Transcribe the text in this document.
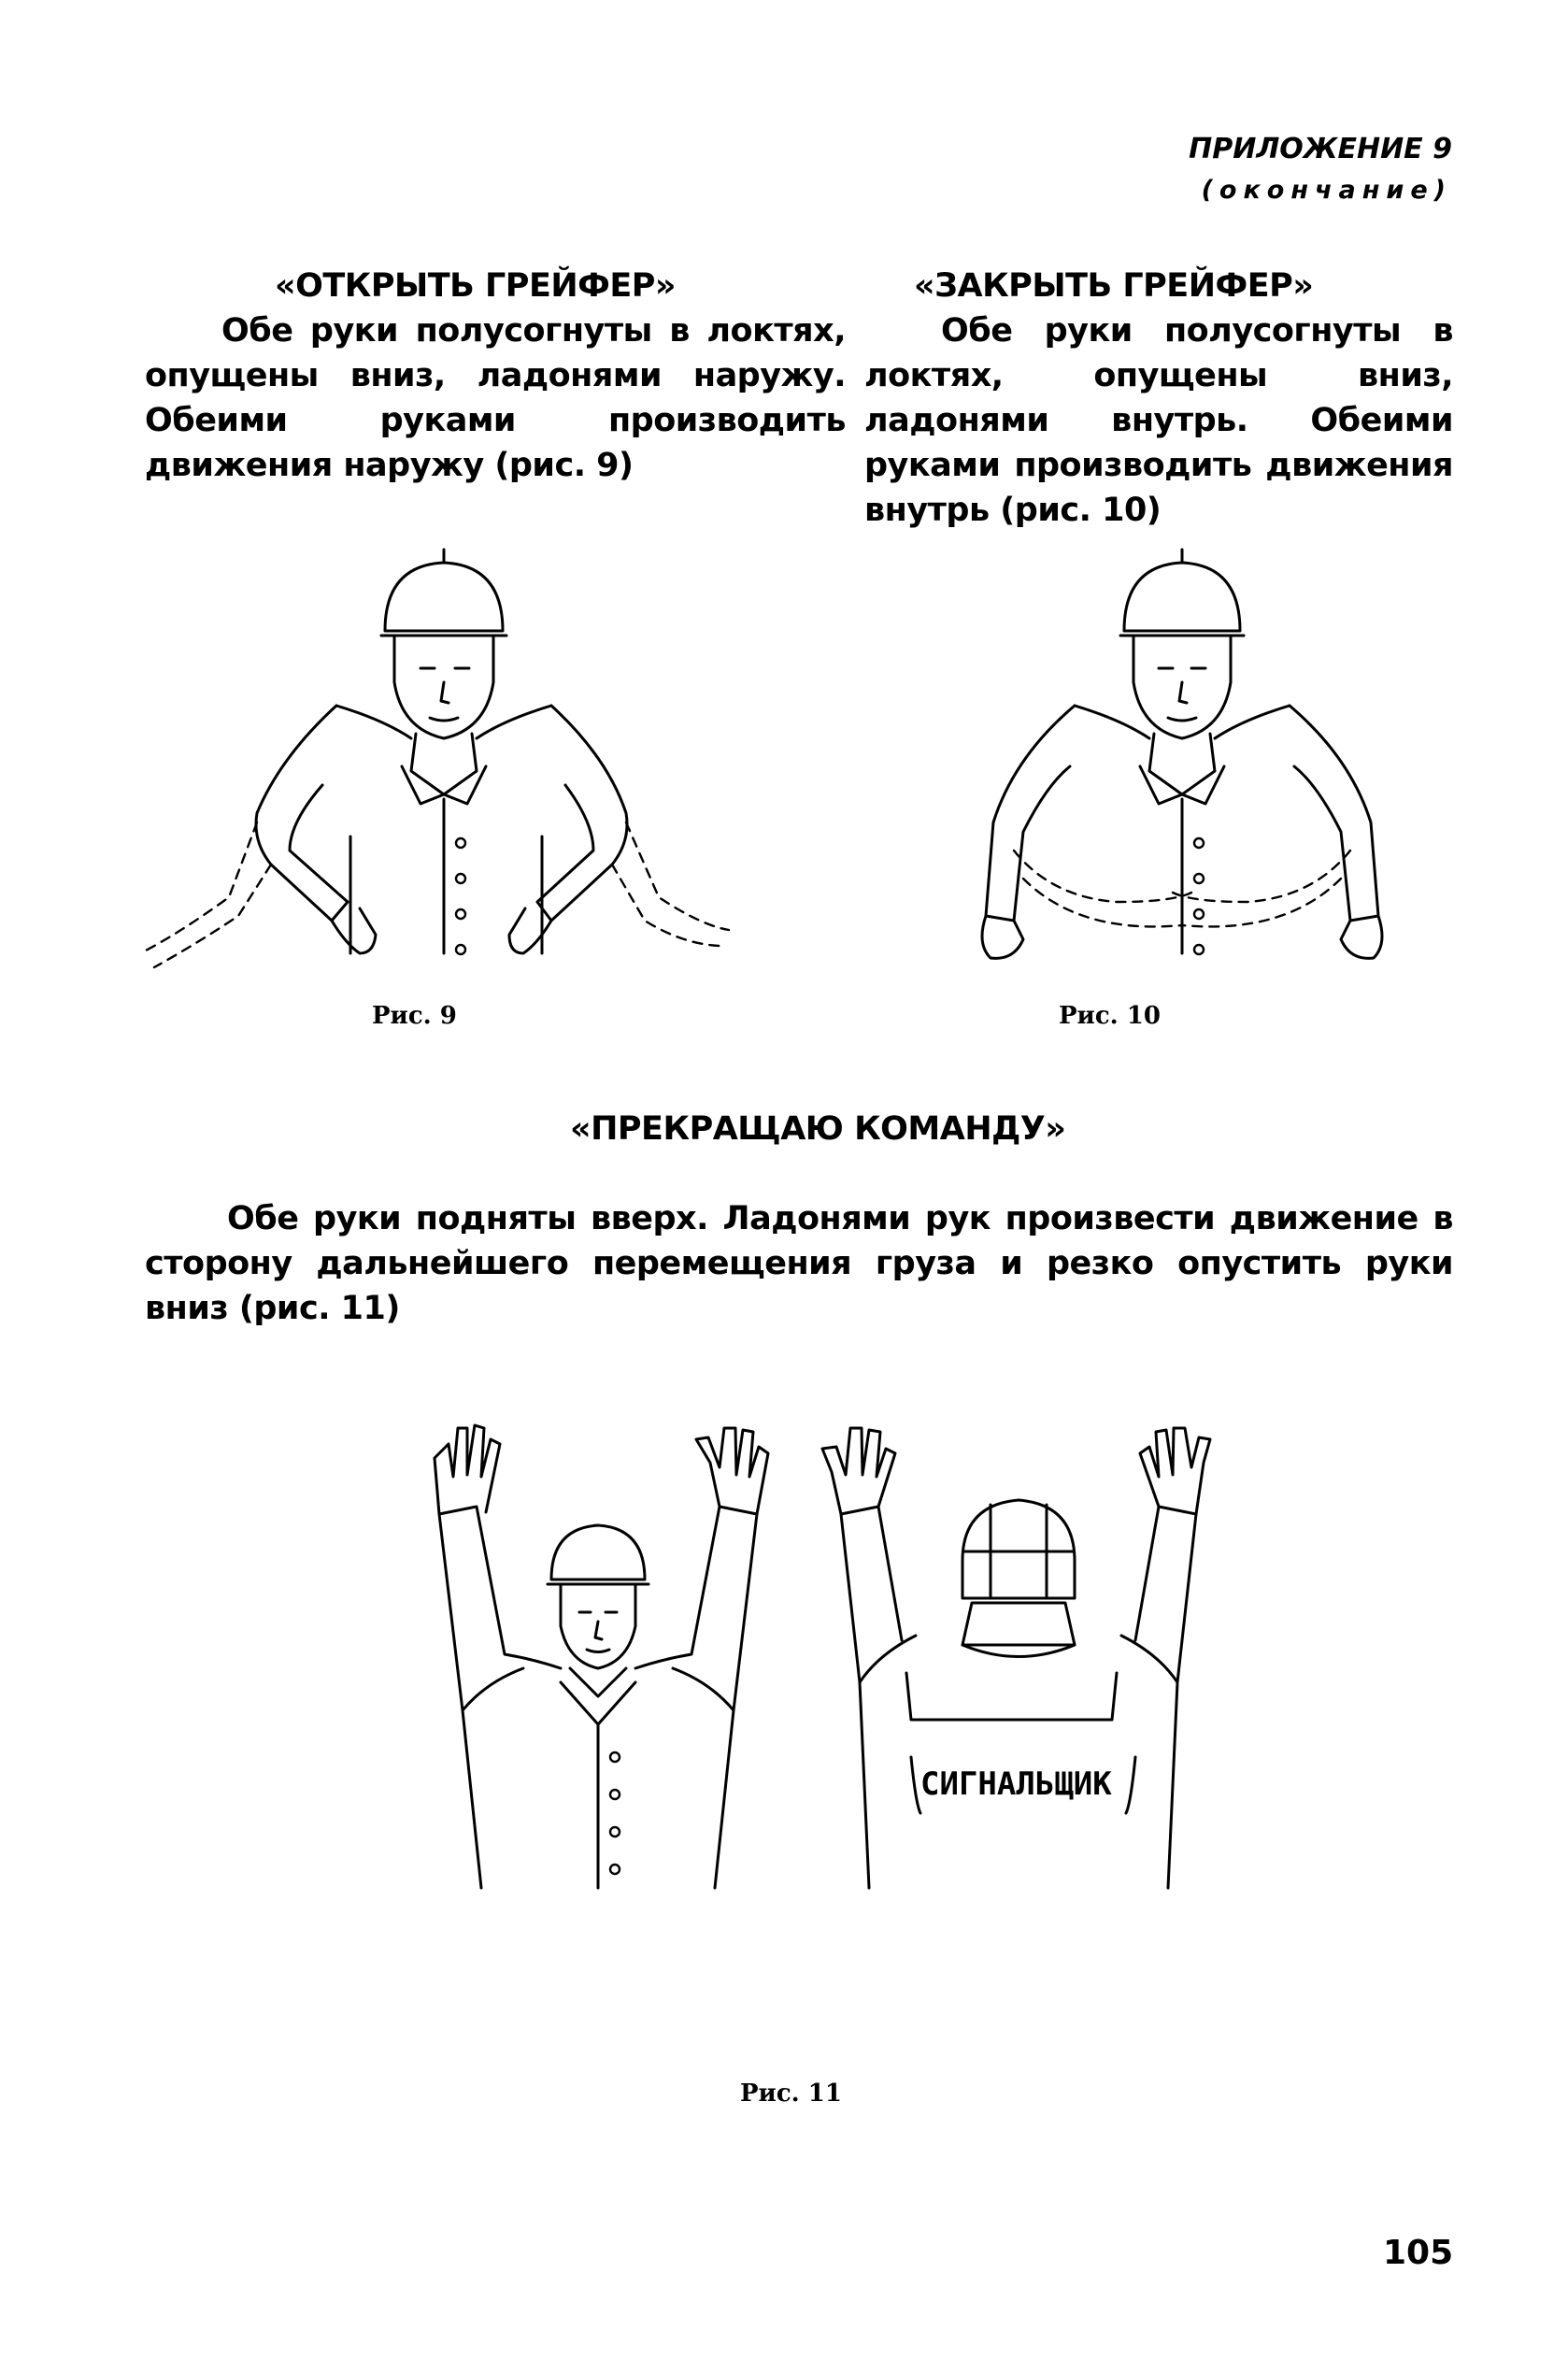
ПРИЛОЖЕНИЕ 9
(окончание)
«ОТКРЫТЬ ГРЕЙФЕР»
Обе руки полусогнуты в локтях, опущены вниз, ладонями наружу. Обеими руками производить движения наружу (рис. 9)
«ЗАКРЫТЬ ГРЕЙФЕР»
Обе руки полусогнуты в локтях, опущены вниз, ладонями внутрь. Обеими руками производить движения внутрь (рис. 10)
Рис. 9	Рис. 10
«ПРЕКРАЩАЮ КОМАНДУ»
Обе руки подняты вверх. Ладонями рук произвести движение в сторону дальнейшего перемещения груза и резко опустить руки вниз (рис. 11)
СИГНАЛЬЩИК
Рис. 11
105
